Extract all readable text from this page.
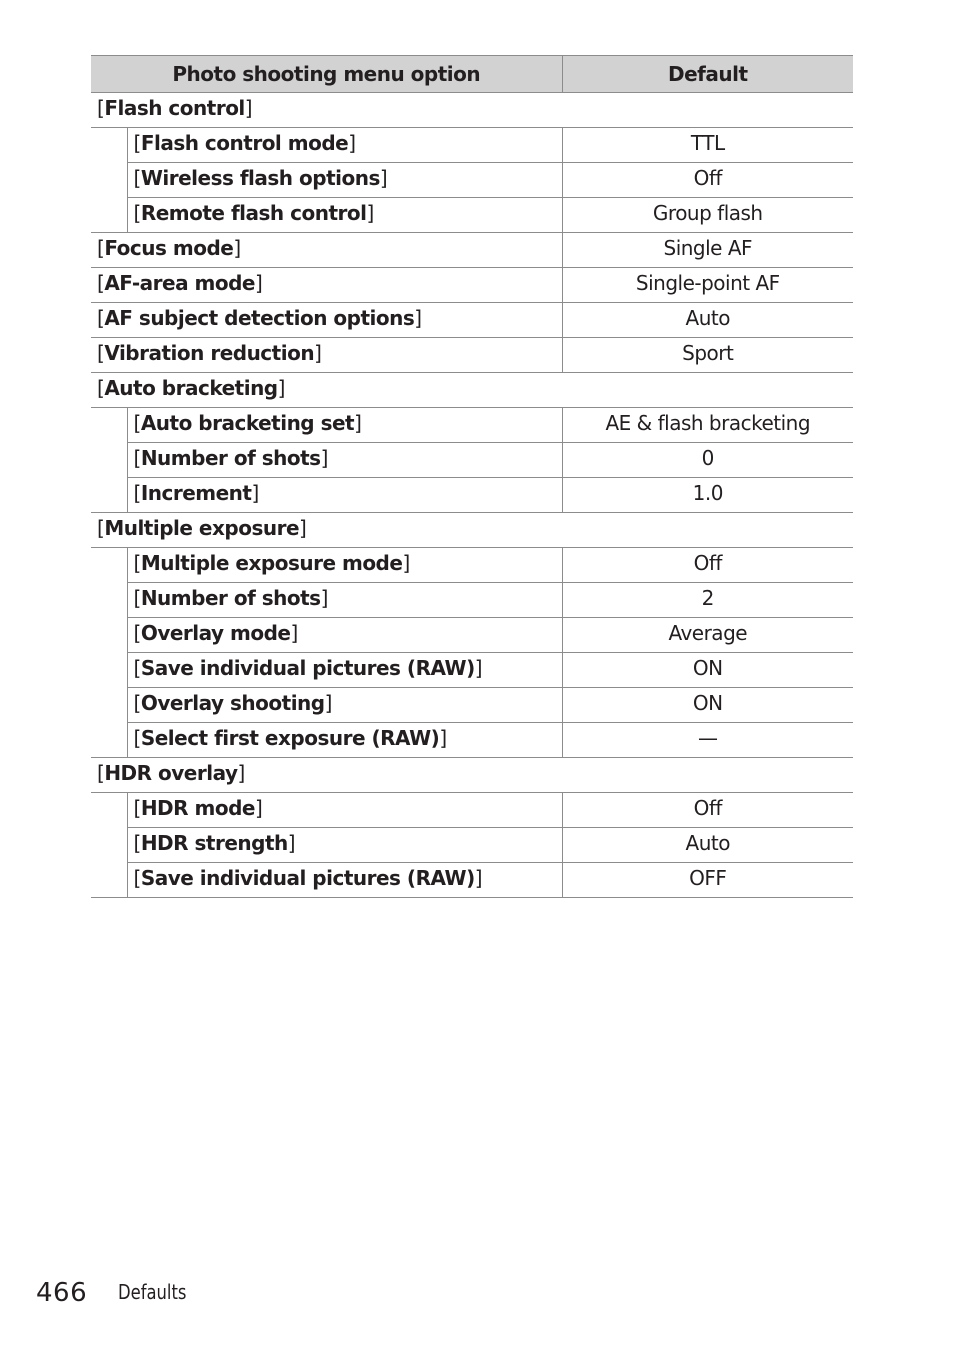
Photo shooting menu option		Default
[Flash control]		
	[Flash control mode]	TTL
	[Wireless flash options]	Off
	[Remote flash control]	Group flash
[Focus mode]		Single AF
[AF-area mode]		Single-point AF
[AF subject detection options]		Auto
[Vibration reduction]		Sport
[Auto bracketing]		
	[Auto bracketing set]	AE & flash bracketing
	[Number of shots]	0
	[Increment]	1.0
[Multiple exposure]		
	[Multiple exposure mode]	Off
	[Number of shots]	2
	[Overlay mode]	Average
	[Save individual pictures (RAW)]	ON
	[Overlay shooting]	ON
	[Select first exposure (RAW)]	—
[HDR overlay]		
	[HDR mode]	Off
	[HDR strength]	Auto
	[Save individual pictures (RAW)]	OFF
466 Defaults
